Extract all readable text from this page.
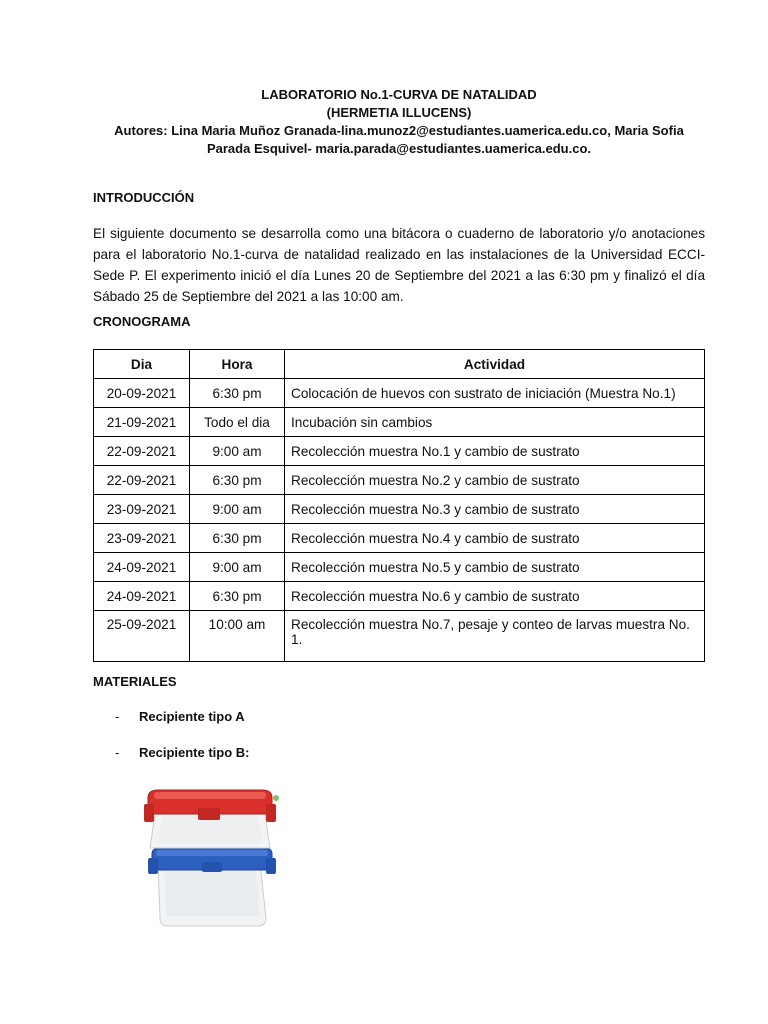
LABORATORIO No.1-CURVA DE NATALIDAD
(HERMETIA ILLUCENS)
Autores: Lina Maria Muñoz Granada-lina.munoz2@estudiantes.uamerica.edu.co, Maria Sofia
Parada Esquivel- maria.parada@estudiantes.uamerica.edu.co.
INTRODUCCIÓN
El siguiente documento se desarrolla como una bitácora o cuaderno de laboratorio y/o anotaciones para el laboratorio No.1-curva de natalidad realizado en las instalaciones de la Universidad ECCI-Sede P. El experimento inició el día Lunes 20 de Septiembre del 2021 a las 6:30 pm y finalizó el día Sábado 25 de Septiembre del 2021 a las 10:00 am.
CRONOGRAMA
Dia	Hora	Actividad
20-09-2021	6:30 pm	Colocación de huevos con sustrato de iniciación (Muestra No.1)
21-09-2021	Todo el dia	Incubación sin cambios
22-09-2021	9:00 am	Recolección muestra No.1 y cambio de sustrato
22-09-2021	6:30 pm	Recolección muestra No.2 y cambio de sustrato
23-09-2021	9:00 am	Recolección muestra No.3 y cambio de sustrato
23-09-2021	6:30 pm	Recolección muestra No.4 y cambio de sustrato
24-09-2021	9:00 am	Recolección muestra No.5 y cambio de sustrato
24-09-2021	6:30 pm	Recolección muestra No.6 y cambio de sustrato
25-09-2021	10:00 am	Recolección muestra No.7, pesaje y conteo de larvas muestra No. 1.
MATERIALES
- Recipiente tipo A
- Recipiente tipo B:
